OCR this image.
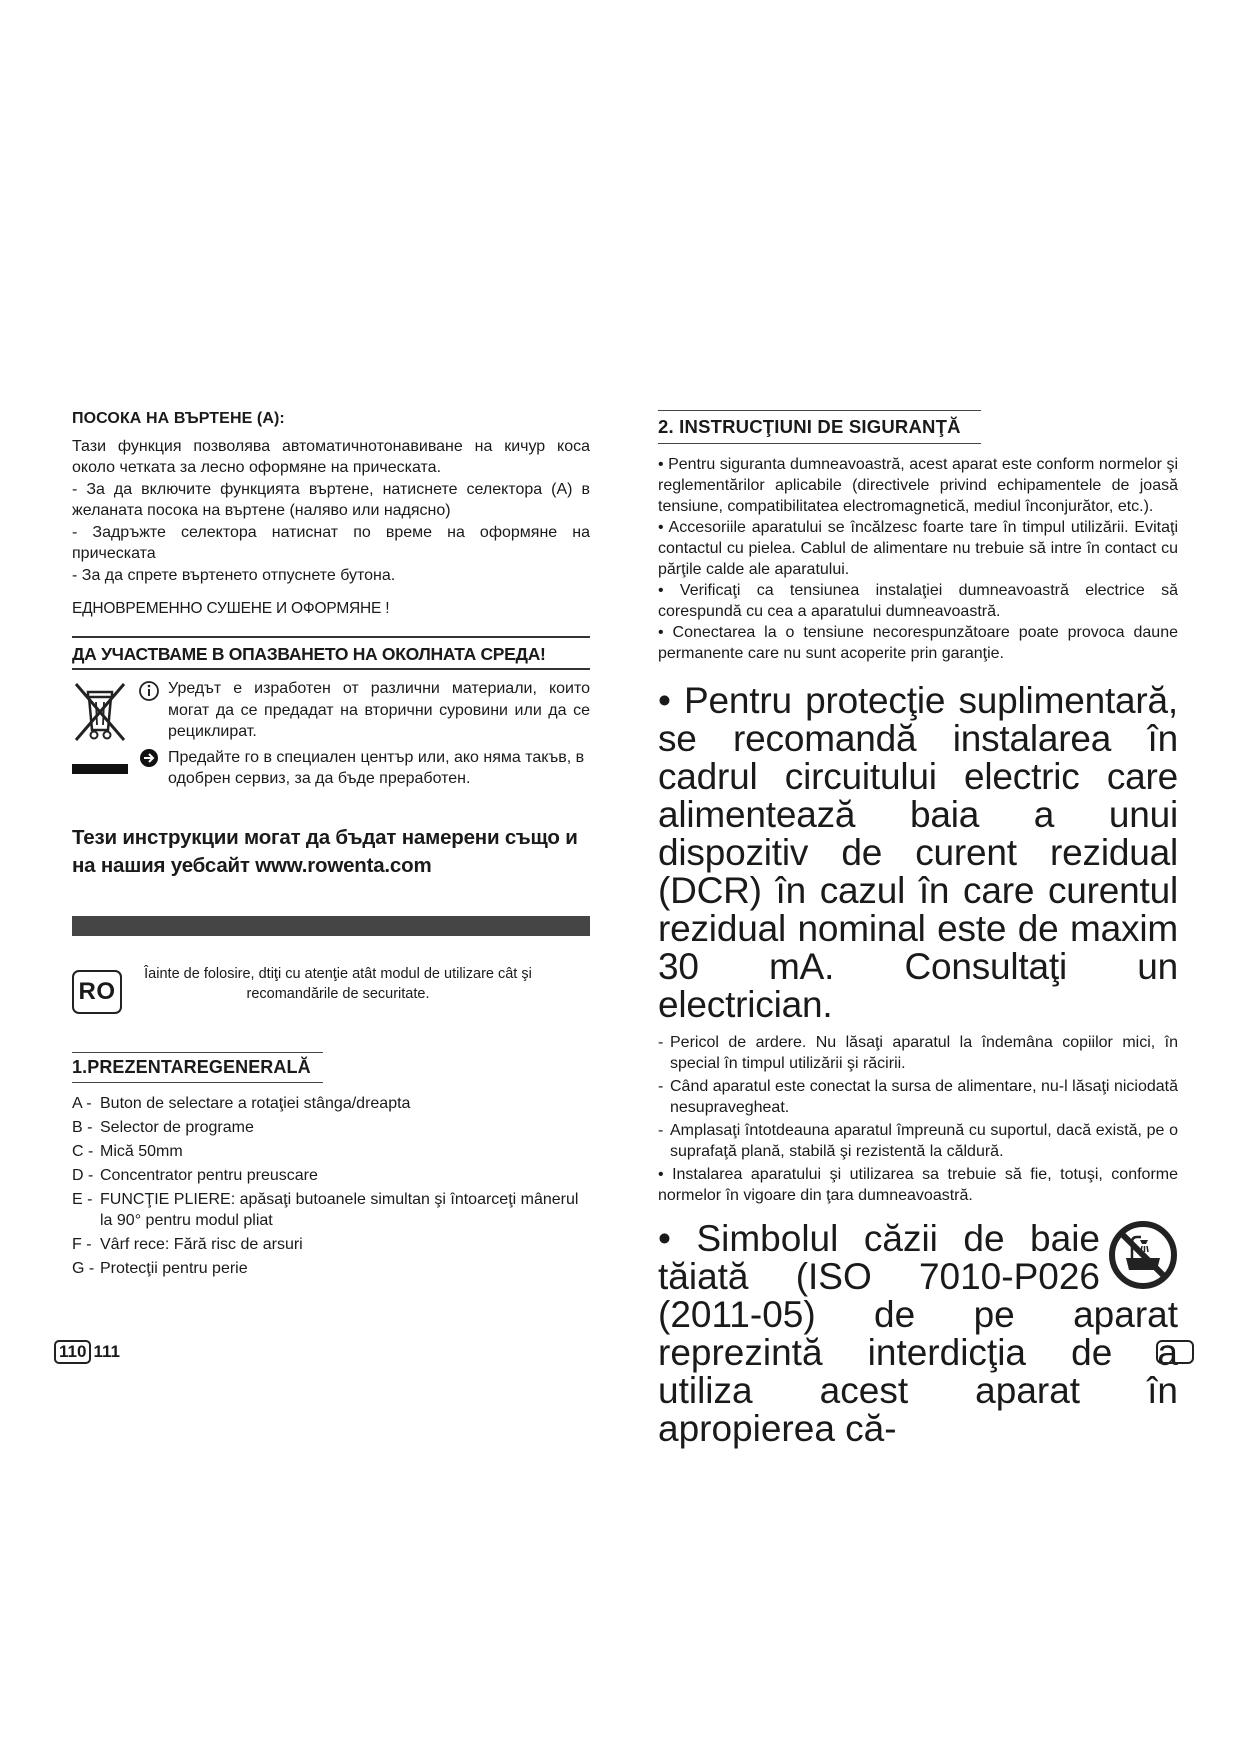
ПОСОКА НА ВЪРТЕНЕ (A):

Тази функция позволява автоматичнотонавиване на кичур коса около четката за лесно оформяне на прическата.

- За да включите функцията въртене, натиснете селектора (A) в желаната посока на въртене (наляво или надясно)

- Задръжте селектора натиснат по време на оформяне на прическата

- За да спрете въртенето отпуснете бутона.

ЕДНОВРЕМЕННО СУШЕНЕ И ОФОРМЯНЕ !
ДА УЧАСТВАМЕ В ОПАЗВАНЕТО НА ОКОЛНАТА СРЕДА!
Уредът е изработен от различни материали, които могат да се предадат на вторични суровини или да се рециклират.
Предайте го в специален център или, ако няма такъв, в одобрен сервиз, за да бъде преработен.
Тези инструкции могат да бъдат намерени също и на нашия уебсайт www.rowenta.com
RO
Îainte de folosire, dtiţi cu atenţie atât modul de utilizare cât şi recomandările de securitate.
1.PREZENTAREGENERALĂ
A - Buton de selectare a rotaţiei stânga/dreapta
B - Selector de programe
C - Mică 50mm
D - Concentrator pentru preuscare
E - FUNCŢIE PLIERE: apăsaţi butoanele simultan şi întoarceţi mânerul la 90° pentru modul pliat
F - Vârf rece: Fără risc de arsuri
G - Protecţii pentru perie
2. INSTRUCŢIUNI DE SIGURANŢĂ

• Pentru siguranta dumneavoastră, acest aparat este conform normelor şi reglementărilor aplicabile (directivele privind echipamentele de joasă tensiune, compatibilitatea electromagnetică, mediul înconjurător, etc.).

• Accesoriile aparatului se încălzesc foarte tare în timpul utilizării. Evitaţi contactul cu pielea. Cablul de alimentare nu trebuie să intre în contact cu părţile calde ale aparatului.

• Verificaţi ca tensiunea instalaţiei dumneavoastră electrice să corespundă cu cea a aparatului dumneavoastră.

• Conectarea la o tensiune necorespunzătoare poate provoca daune permanente care nu sunt acoperite prin garanţie.

• Pentru protecţie suplimentară, se recomandă instalarea în cadrul circuitului electric care alimentează baia a unui dispozitiv de curent rezidual (DCR) în cazul în care curentul rezidual nominal este de maxim 30 mA. Consultaţi un electrician.

- Pericol de ardere. Nu lăsaţi aparatul la îndemâna copiilor mici, în special în timpul utilizării şi răcirii.
- Când aparatul este conectat la sursa de alimentare, nu-l lăsaţi niciodată nesupravegheat.
- Amplasaţi întotdeauna aparatul împreună cu suportul, dacă există, pe o suprafaţă plană, stabilă şi rezistentă la căldură.

• Instalarea aparatului şi utilizarea sa trebuie să fie, totuşi, conforme normelor în vigoare din ţara dumneavoastră.

• Simbolul căzii de baie tăiată (ISO 7010-P026 (2011-05) de pe aparat reprezintă interdicţia de a utiliza acest aparat în apropierea că-

110 111
